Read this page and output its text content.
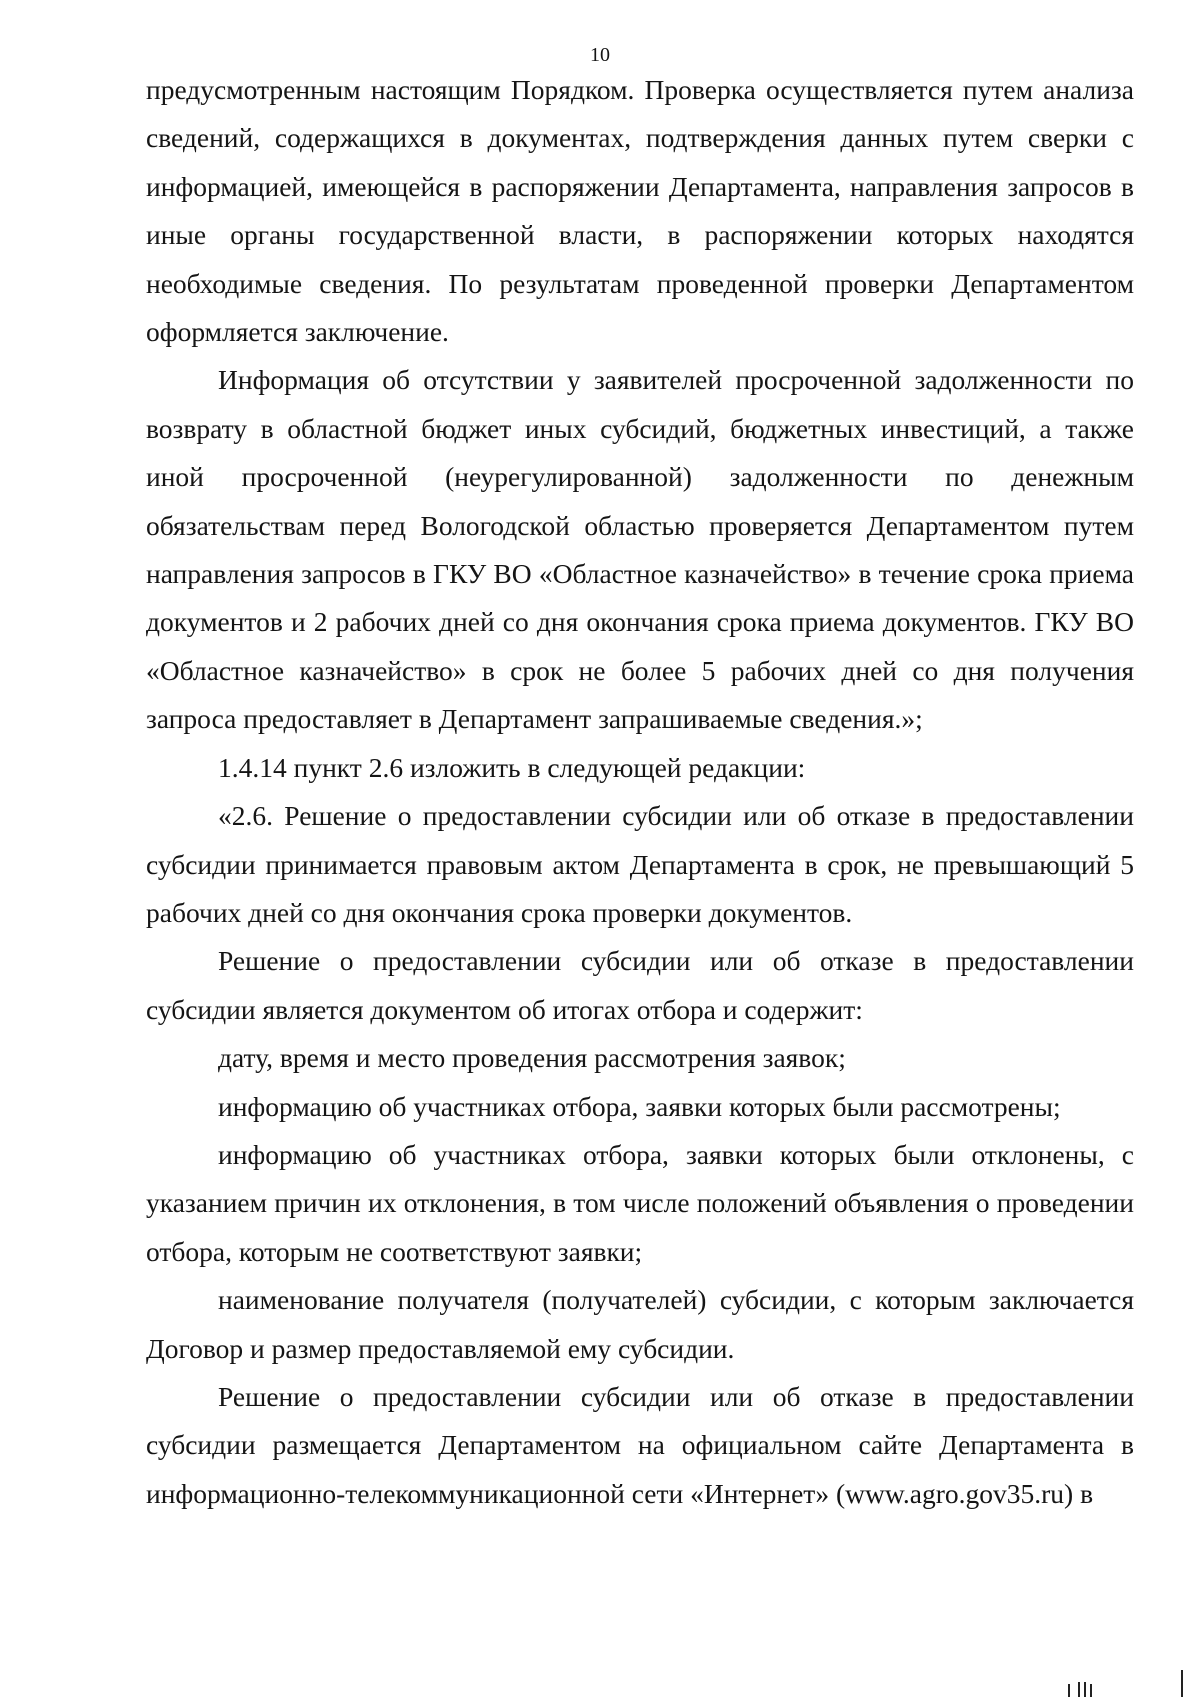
10

предусмотренным настоящим Порядком. Проверка осуществляется путем анализа сведений, содержащихся в документах, подтверждения данных путем сверки с информацией, имеющейся в распоряжении Департамента, направления запросов в иные органы государственной власти, в распоряжении которых находятся необходимые сведения. По результатам проведенной проверки Департаментом оформляется заключение.

Информация об отсутствии у заявителей просроченной задолженности по возврату в областной бюджет иных субсидий, бюджетных инвестиций, а также иной просроченной (неурегулированной) задолженности по денежным обязательствам перед Вологодской областью проверяется Департаментом путем направления запросов в ГКУ ВО «Областное казначейство» в течение срока приема документов и 2 рабочих дней со дня окончания срока приема документов. ГКУ ВО «Областное казначейство» в срок не более 5 рабочих дней со дня получения запроса предоставляет в Департамент запрашиваемые сведения.»;

1.4.14 пункт 2.6 изложить в следующей редакции:

«2.6. Решение о предоставлении субсидии или об отказе в предоставлении субсидии принимается правовым актом Департамента в срок, не превышающий 5 рабочих дней со дня окончания срока проверки документов.

Решение о предоставлении субсидии или об отказе в предоставлении субсидии является документом об итогах отбора и содержит:

дату, время и место проведения рассмотрения заявок;

информацию об участниках отбора, заявки которых были рассмотрены;

информацию об участниках отбора, заявки которых были отклонены, с указанием причин их отклонения, в том числе положений объявления о проведении отбора, которым не соответствуют заявки;

наименование получателя (получателей) субсидии, с которым заключается Договор и размер предоставляемой ему субсидии.

Решение о предоставлении субсидии или об отказе в предоставлении субсидии размещается Департаментом на официальном сайте Департамента в информационно-телекоммуникационной сети «Интернет» (www.agro.gov35.ru) в
